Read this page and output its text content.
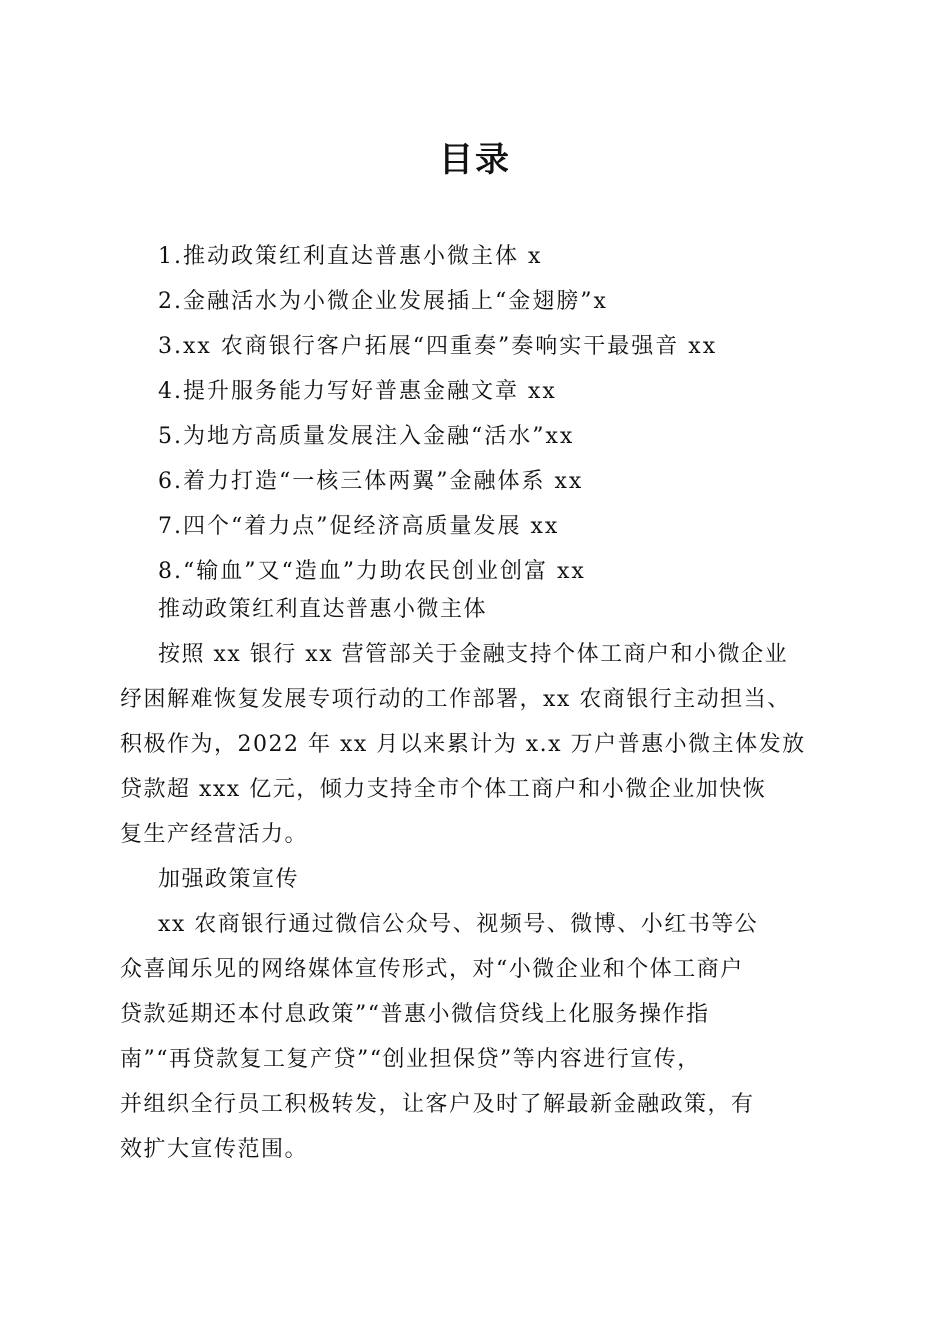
目录
1.推动政策红利直达普惠小微主体 x
2.金融活水为小微企业发展插上“金翅膀”x
3.xx 农商银行客户拓展“四重奏”奏响实干最强音 xx
4.提升服务能力写好普惠金融文章 xx
5.为地方高质量发展注入金融“活水”xx
6.着力打造“一核三体两翼”金融体系 xx
7.四个“着力点”促经济高质量发展 xx
8.“输血”又“造血”力助农民创业创富 xx
推动政策红利直达普惠小微主体
按照 xx 银行 xx 营管部关于金融支持个体工商户和小微企业
纾困解难恢复发展专项行动的工作部署，xx 农商银行主动担当、
积极作为，2022 年 xx 月以来累计为 x.x 万户普惠小微主体发放
贷款超 xxx 亿元，倾力支持全市个体工商户和小微企业加快恢
复生产经营活力。
加强政策宣传
xx 农商银行通过微信公众号、视频号、微博、小红书等公
众喜闻乐见的网络媒体宣传形式，对“小微企业和个体工商户
贷款延期还本付息政策”“普惠小微信贷线上化服务操作指
南”“再贷款复工复产贷”“创业担保贷”等内容进行宣传，
并组织全行员工积极转发，让客户及时了解最新金融政策，有
效扩大宣传范围。
